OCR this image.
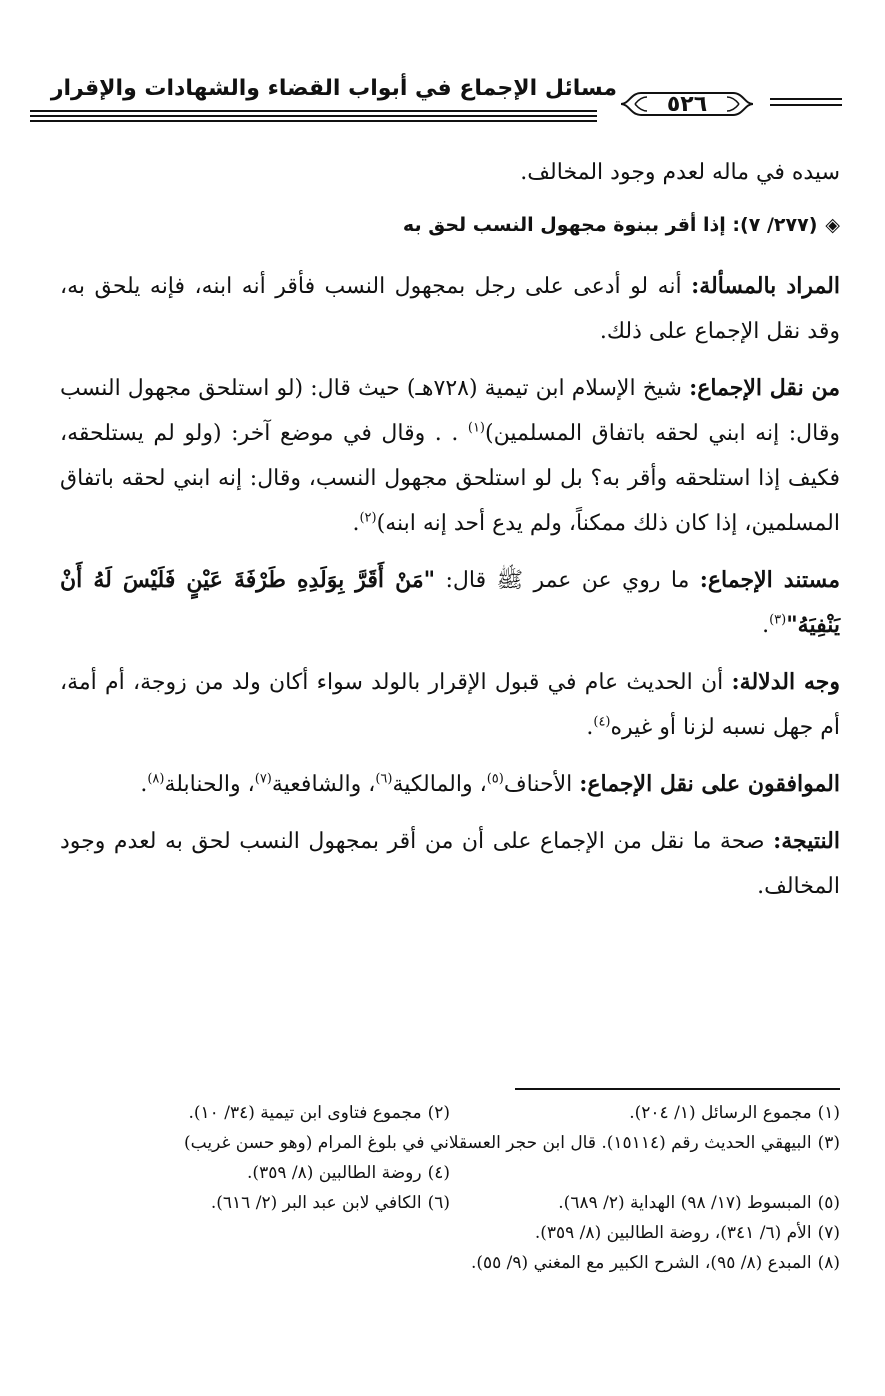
مسائل الإجماع في أبواب القضاء والشهادات والإقرار
٥٢٦

سيده في ماله لعدم وجود المخالف.

◈(٢٧٧/ ٧): إذا أقر ببنوة مجهول النسب لحق به

المراد بالمسألة: أنه لو أدعى على رجل بمجهول النسب فأقر أنه ابنه، فإنه يلحق به، وقد نقل الإجماع على ذلك.

من نقل الإجماع: شيخ الإسلام ابن تيمية (٧٢٨هـ) حيث قال: (لو استلحق مجهول النسب وقال: إنه ابني لحقه باتفاق المسلمين)$^{(١)}$ . . وقال في موضع آخر: (ولو لم يستلحقه، فكيف إذا استلحقه وأقر به؟ بل لو استلحق مجهول النسب، وقال: إنه ابني لحقه باتفاق المسلمين، إذا كان ذلك ممكناً، ولم يدع أحد إنه ابنه)$^{(٢)}$.

مستند الإجماع: ما روي عن عمر ﷺ قال: "مَنْ أَقَرَّ بِوَلَدِهِ طَرْفَةَ عَيْنٍ فَلَيْسَ لَهُ أَنْ يَنْفِيَهُ"$^{(٣)}$.

وجه الدلالة: أن الحديث عام في قبول الإقرار بالولد سواء أكان ولد من زوجة، أم أمة، أم جهل نسبه لزنا أو غيره$^{(٤)}$.

الموافقون على نقل الإجماع: الأحناف$^{(٥)}$، والمالكية$^{(٦)}$، والشافعية$^{(٧)}$، والحنابلة$^{(٨)}$.

النتيجة: صحة ما نقل من الإجماع على أن من أقر بمجهول النسب لحق به لعدم وجود المخالف.

(١)مجموع الرسائل (١/ ٢٠٤).
(٢)مجموع فتاوى ابن تيمية (٣٤/ ١٠).
(٣)البيهقي الحديث رقم (١٥١١٤). قال ابن حجر العسقلاني في بلوغ المرام (وهو حسن غريب)
(٤)روضة الطالبين (٨/ ٣٥٩).
(٥)المبسوط (١٧/ ٩٨) الهداية (٢/ ٦٨٩).
(٦)الكافي لابن عبد البر (٢/ ٦١٦).
(٧)الأم (٦/ ٣٤١)، روضة الطالبين (٨/ ٣٥٩).
(٨)المبدع (٨/ ٩٥)، الشرح الكبير مع المغني (٩/ ٥٥).
